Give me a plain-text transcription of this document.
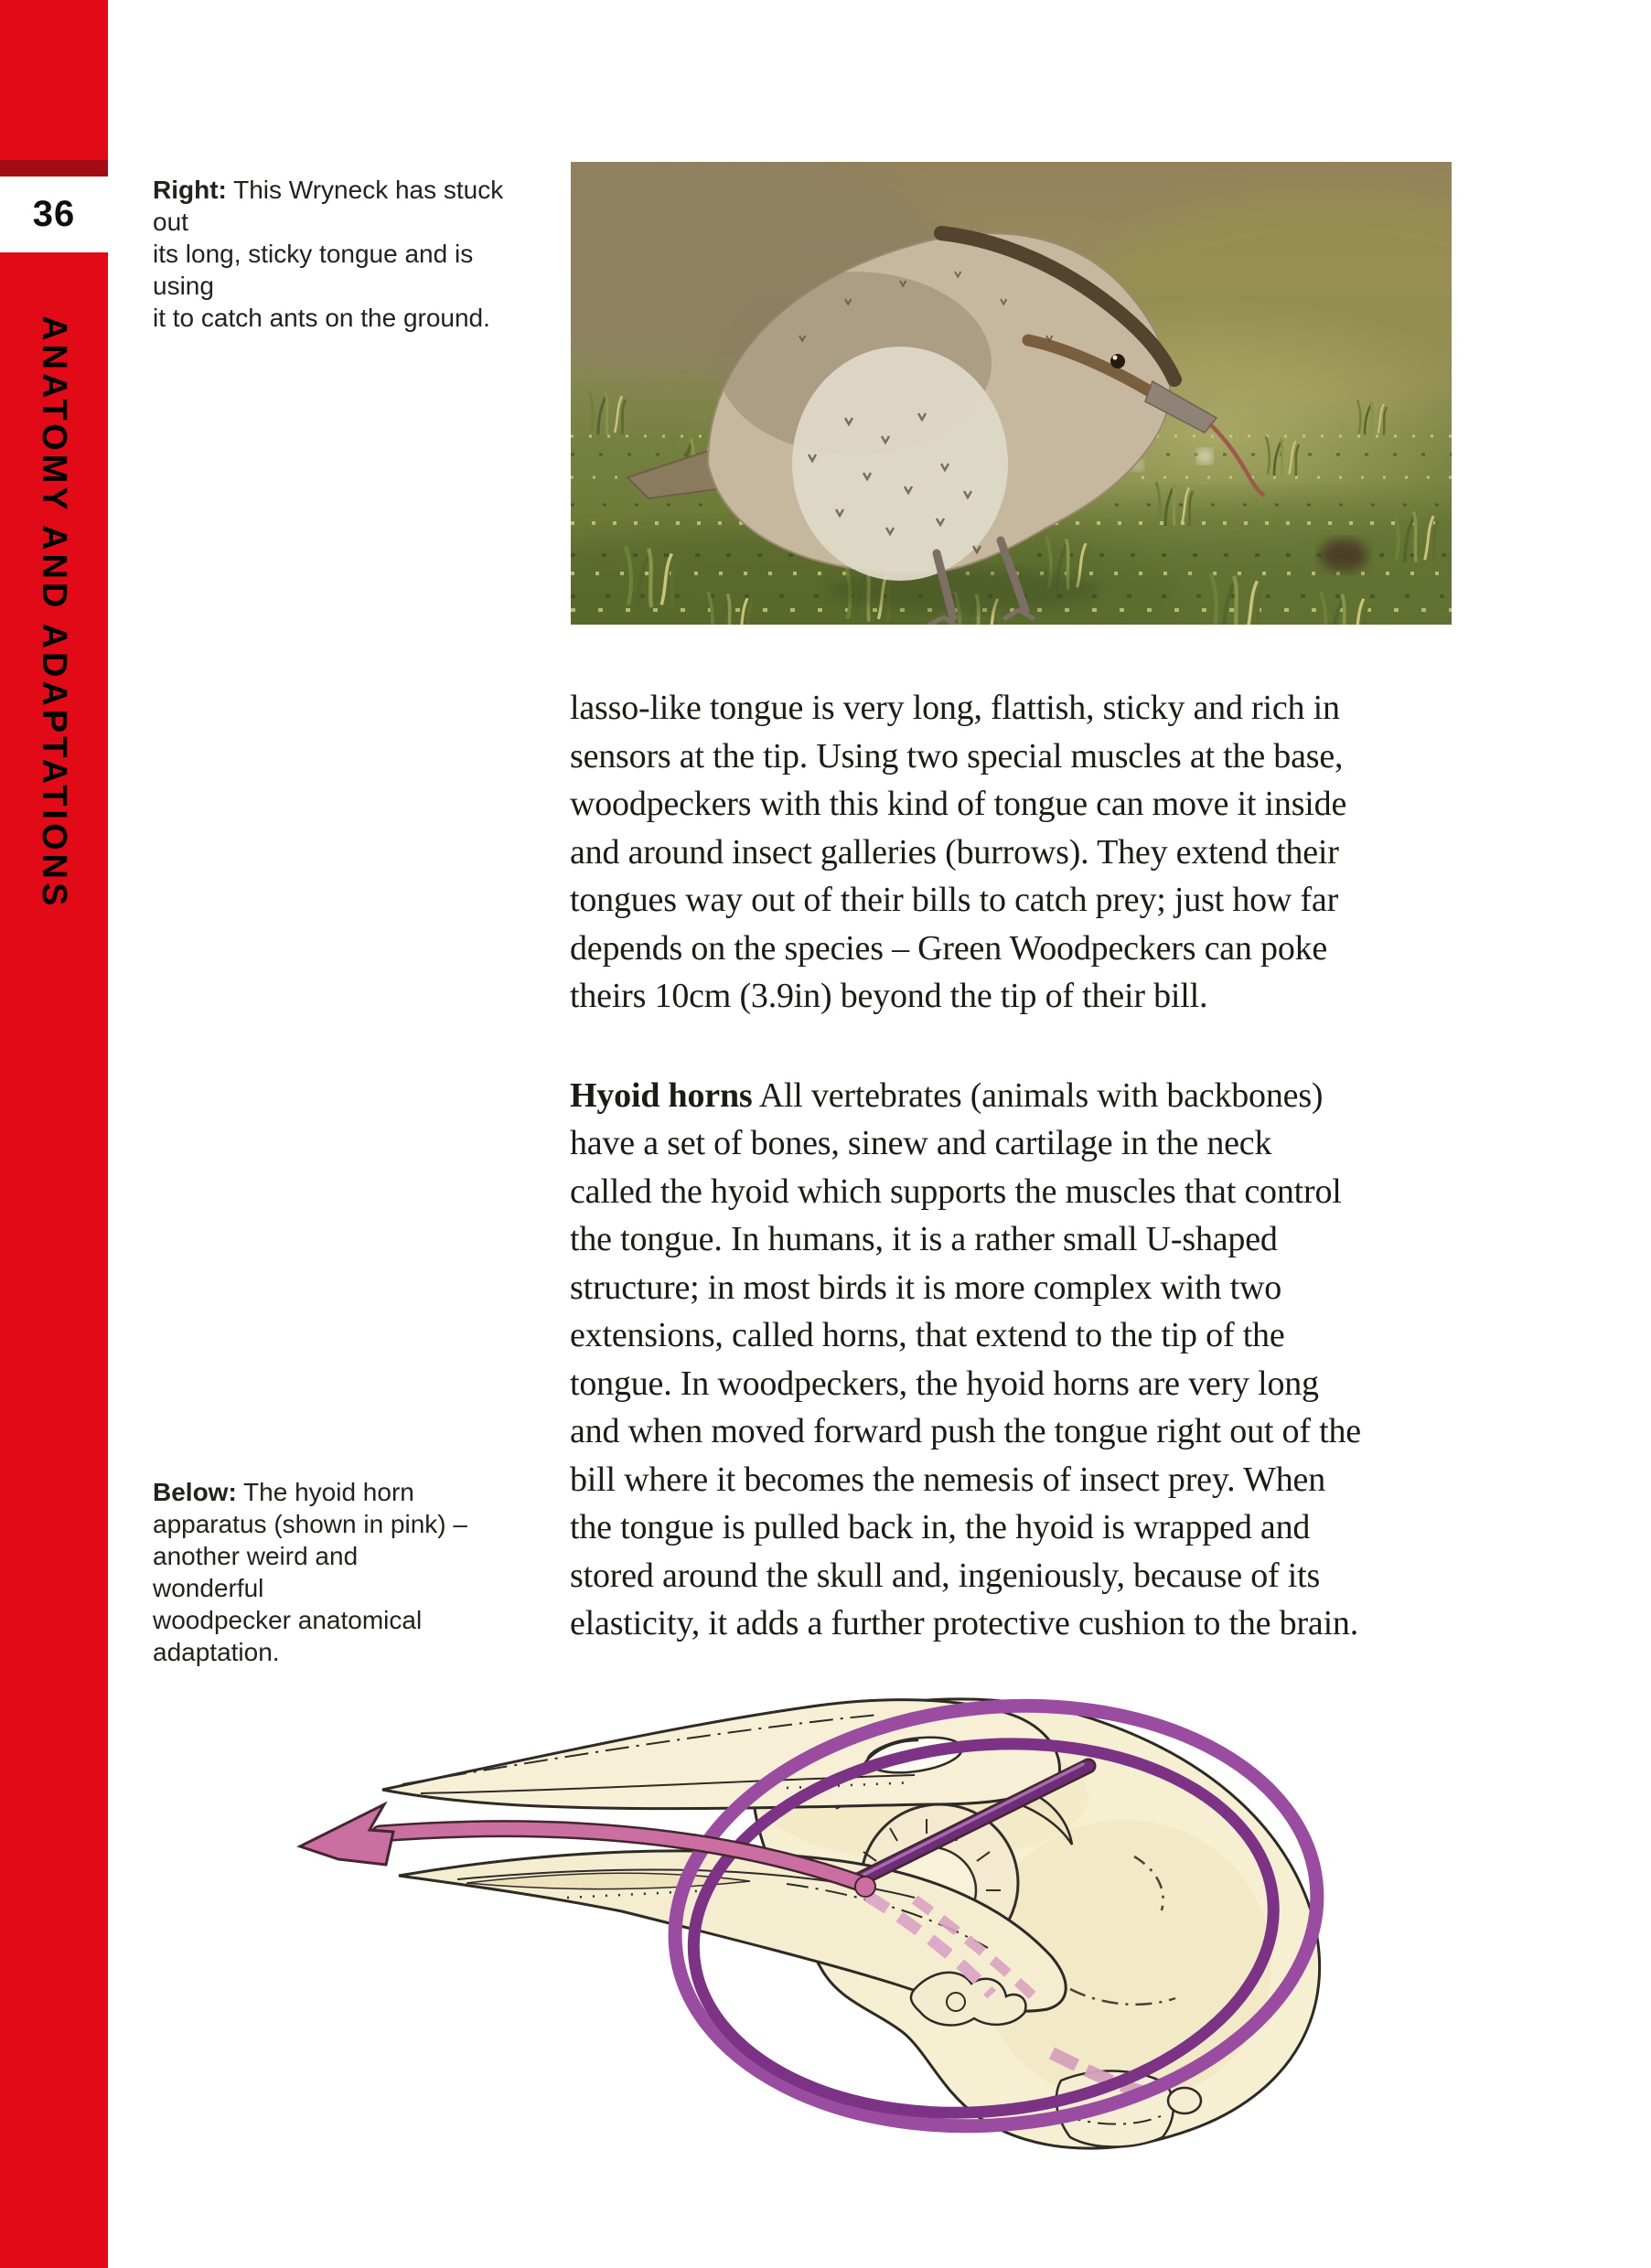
36
ANATOMY AND ADAPTATIONS
Right: This Wryneck has stuck out
its long, sticky tongue and is using
it to catch ants on the ground.
lasso-like tongue is very long, flattish, sticky and rich in
sensors at the tip. Using two special muscles at the base,
woodpeckers with this kind of tongue can move it inside
and around insect galleries (burrows). They extend their
tongues way out of their bills to catch prey; just how far
depends on the species – Green Woodpeckers can poke
theirs 10cm (3.9in) beyond the tip of their bill.
Hyoid horns All vertebrates (animals with backbones)
have a set of bones, sinew and cartilage in the neck
called the hyoid which supports the muscles that control
the tongue. In humans, it is a rather small U-shaped
structure; in most birds it is more complex with two
extensions, called horns, that extend to the tip of the
tongue. In woodpeckers, the hyoid horns are very long
and when moved forward push the tongue right out of the
bill where it becomes the nemesis of insect prey. When
the tongue is pulled back in, the hyoid is wrapped and
stored around the skull and, ingeniously, because of its
elasticity, it adds a further protective cushion to the brain.
Below: The hyoid horn
apparatus (shown in pink) –
another weird and wonderful
woodpecker anatomical
adaptation.
